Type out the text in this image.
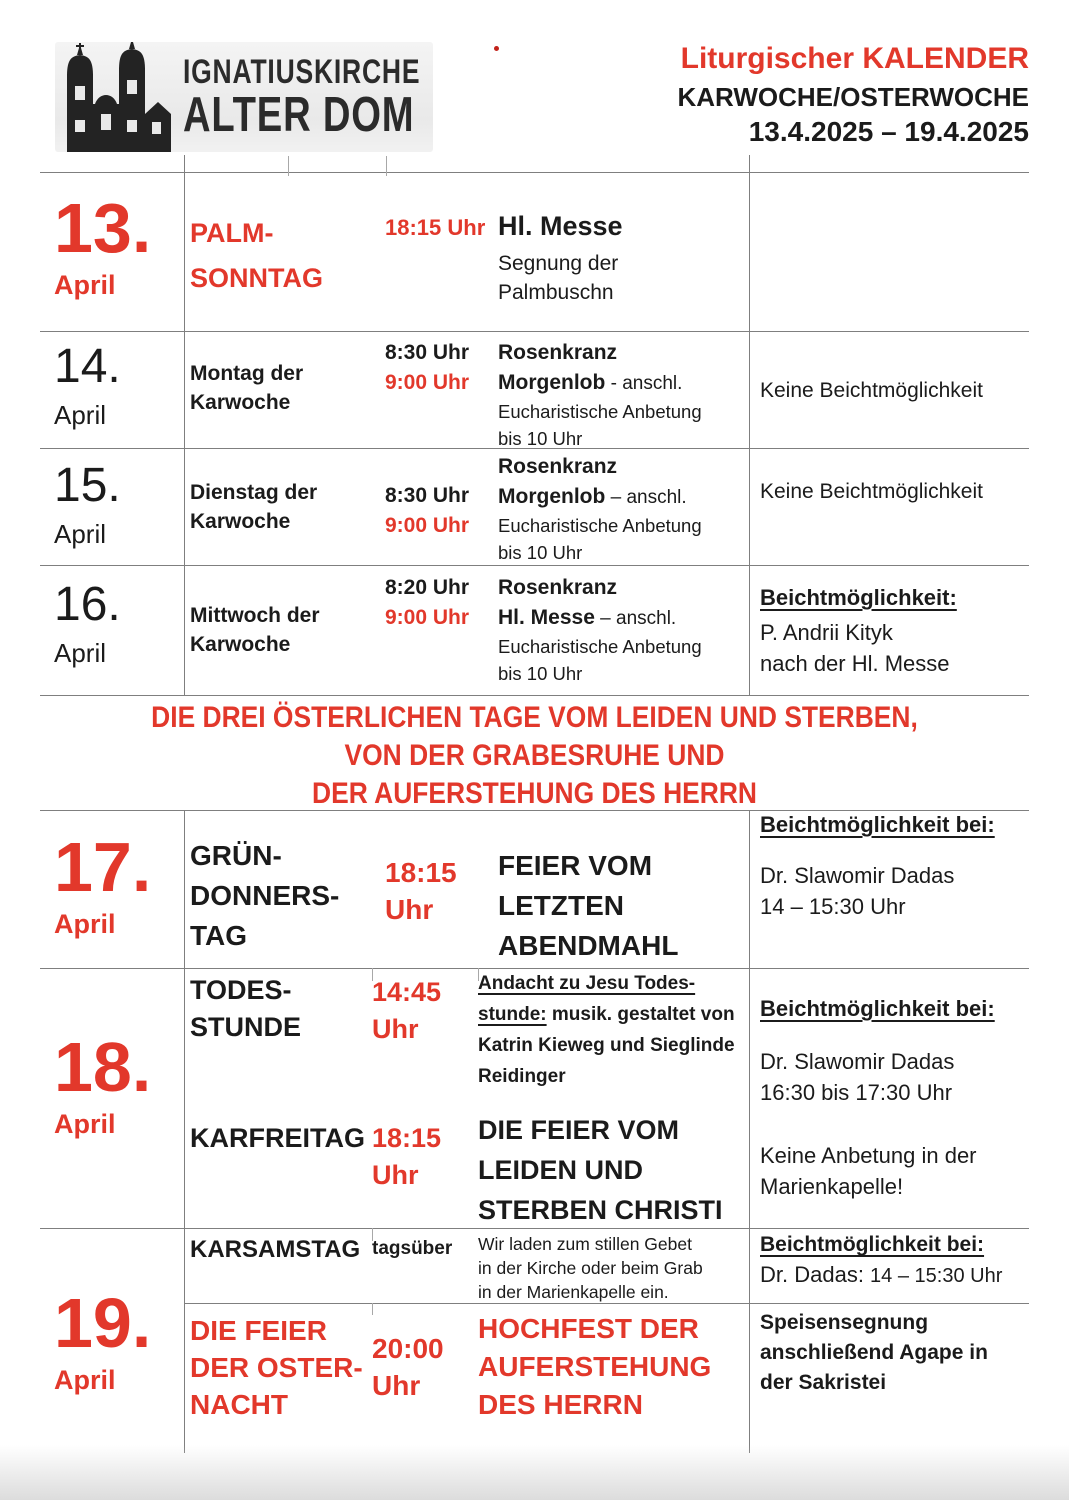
IGNATIUSKIRCHE
ALTER DOM
Liturgischer KALENDER
KARWOCHE/OSTERWOCHE
13.4.2025 – 19.4.2025
13.
April
PALM-
SONNTAG
18:15 Uhr Hl. Messe
Segnung der
Palmbuschn
14.
April
Montag der
Karwoche
8:30 Uhr
9:00 Uhr
Rosenkranz
Morgenlob - anschl.
Eucharistische Anbetung
bis 10 Uhr
Keine Beichtmöglichkeit
15.
April
Dienstag der
Karwoche
8:30 Uhr
9:00 Uhr
Rosenkranz
Morgenlob – anschl.
Eucharistische Anbetung
bis 10 Uhr
Keine Beichtmöglichkeit
16.
April
Mittwoch der
Karwoche
8:20 Uhr
9:00 Uhr
Rosenkranz
Hl. Messe – anschl.
Eucharistische Anbetung
bis 10 Uhr
Beichtmöglichkeit:
P. Andrii Kityk
nach der Hl. Messe
DIE DREI ÖSTERLICHEN TAGE VOM LEIDEN UND STERBEN,
VON DER GRABESRUHE UND
DER AUFERSTEHUNG DES HERRN
17.
April
GRÜN-
DONNERS-
TAG
18:15
Uhr
FEIER VOM
LETZTEN
ABENDMAHL
Beichtmöglichkeit bei:
Dr. Slawomir Dadas
14 – 15:30 Uhr
18.
April
TODES-
STUNDE
14:45
Uhr
Andacht zu Jesu Todes-stunde: musik. gestaltet von Katrin Kieweg und Sieglinde Reidinger
KARFREITAG 18:15
Uhr
DIE FEIER VOM
LEIDEN UND
STERBEN CHRISTI
Beichtmöglichkeit bei:
Dr. Slawomir Dadas
16:30 bis 17:30 Uhr
Keine Anbetung in der
Marienkapelle!
19.
April
KARSAMSTAG tagsüber	Wir laden zum stillen Gebet
in der Kirche oder beim Grab
in der Marienkapelle ein.
Beichtmöglichkeit bei:
Dr. Dadas: 14 – 15:30 Uhr
DIE FEIER
DER OSTER-
NACHT
20:00
Uhr
HOCHFEST DER
AUFERSTEHUNG
DES HERRN
Speisensegnung
anschließend Agape in
der Sakristei
